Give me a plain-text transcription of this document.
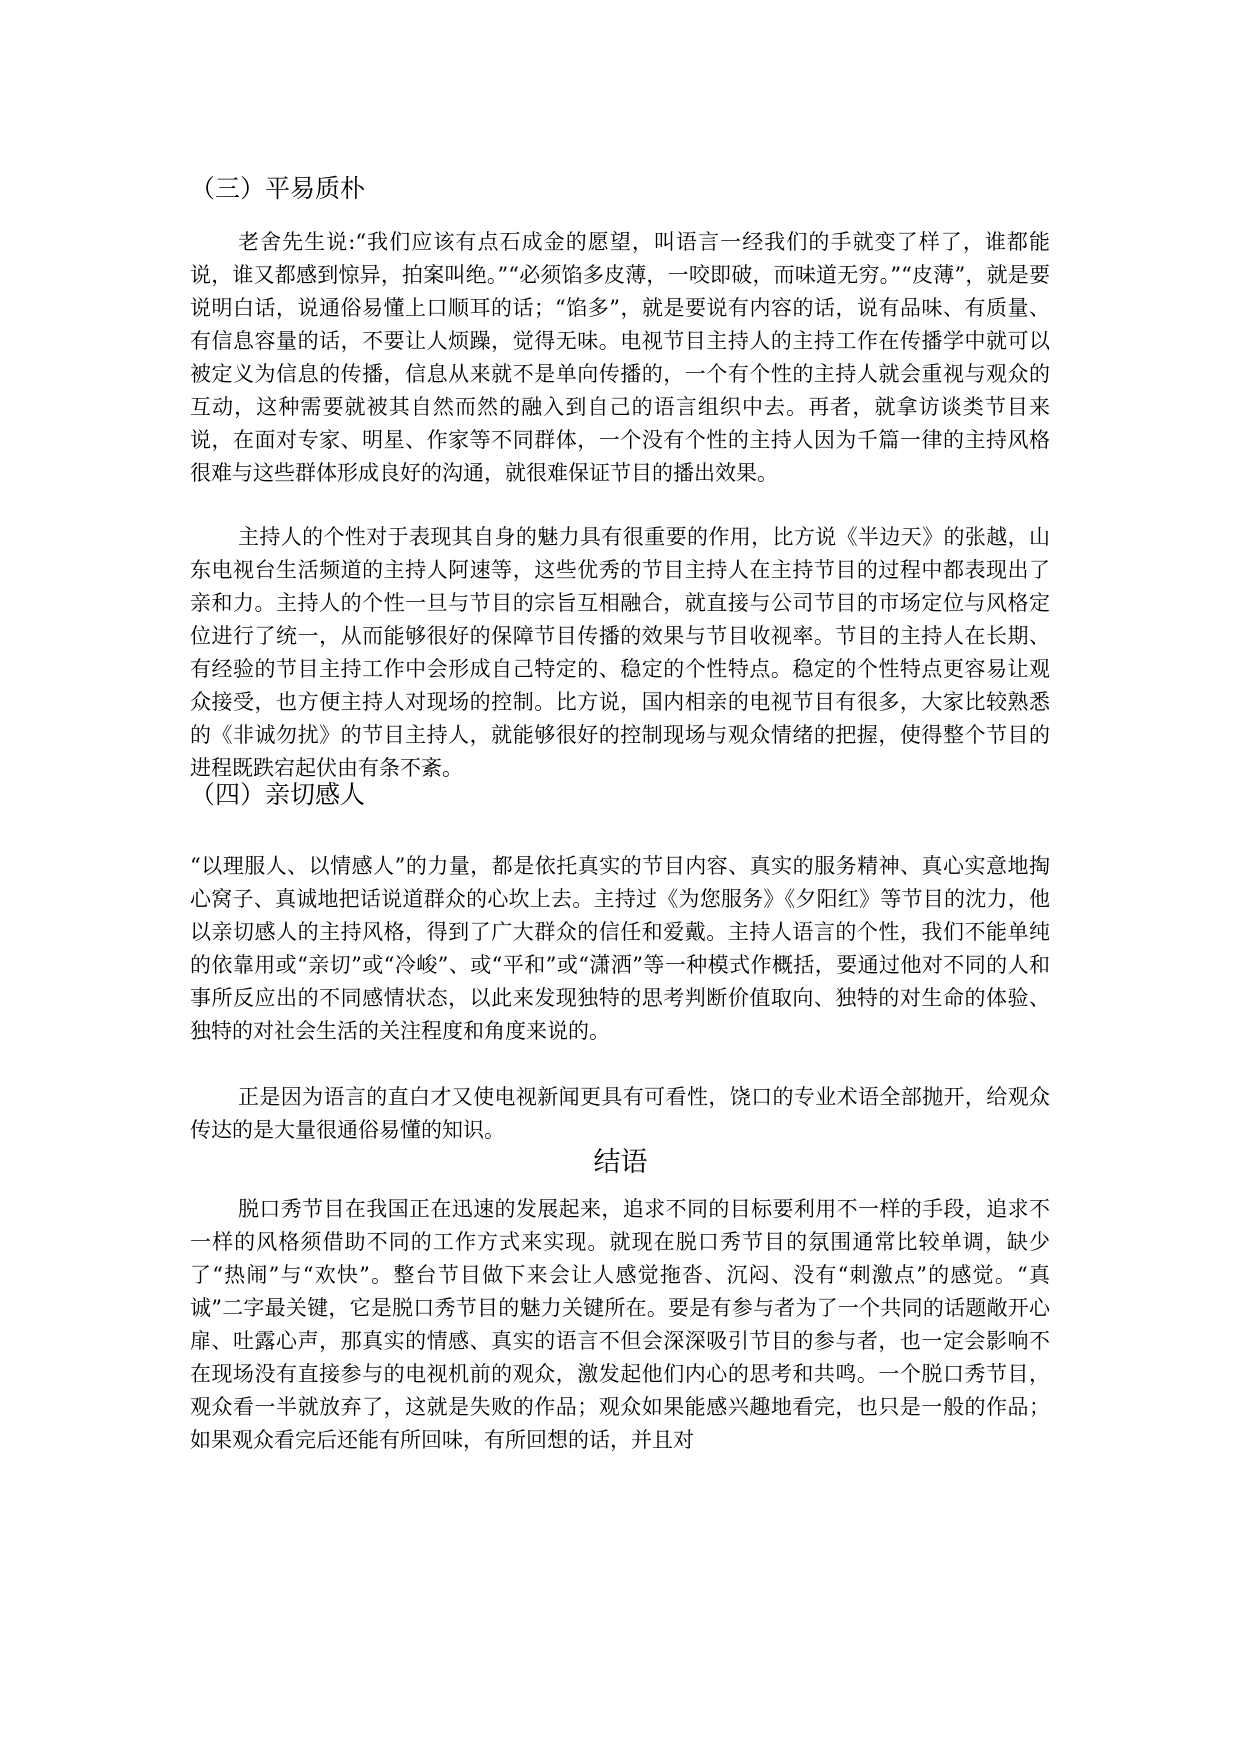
（三）平易质朴
老舍先生说:“我们应该有点石成金的愿望，叫语言一经我们的手就变了样了，谁都能说，谁又都感到惊异，拍案叫绝。”“必须馅多皮薄，一咬即破，而味道无穷。”“皮薄”，就是要说明白话，说通俗易懂上口顺耳的话；“馅多”，就是要说有内容的话，说有品味、有质量、有信息容量的话，不要让人烦躁，觉得无味。电视节目主持人的主持工作在传播学中就可以被定义为信息的传播，信息从来就不是单向传播的，一个有个性的主持人就会重视与观众的互动，这种需要就被其自然而然的融入到自己的语言组织中去。再者，就拿访谈类节目来说，在面对专家、明星、作家等不同群体，一个没有个性的主持人因为千篇一律的主持风格很难与这些群体形成良好的沟通，就很难保证节目的播出效果。
主持人的个性对于表现其自身的魅力具有很重要的作用，比方说《半边天》的张越，山东电视台生活频道的主持人阿速等，这些优秀的节目主持人在主持节目的过程中都表现出了亲和力。主持人的个性一旦与节目的宗旨互相融合，就直接与公司节目的市场定位与风格定位进行了统一，从而能够很好的保障节目传播的效果与节目收视率。节目的主持人在长期、有经验的节目主持工作中会形成自己特定的、稳定的个性特点。稳定的个性特点更容易让观众接受，也方便主持人对现场的控制。比方说，国内相亲的电视节目有很多，大家比较熟悉的《非诚勿扰》的节目主持人，就能够很好的控制现场与观众情绪的把握，使得整个节目的进程既跌宕起伏由有条不紊。
（四）亲切感人
“以理服人、以情感人”的力量，都是依托真实的节目内容、真实的服务精神、真心实意地掏心窝子、真诚地把话说道群众的心坎上去。主持过《为您服务》《夕阳红》等节目的沈力，他以亲切感人的主持风格，得到了广大群众的信任和爱戴。主持人语言的个性，我们不能单纯的依靠用或“亲切”或“冷峻”、或“平和”或“潇洒”等一种模式作概括，要通过他对不同的人和事所反应出的不同感情状态，以此来发现独特的思考判断价值取向、独特的对生命的体验、独特的对社会生活的关注程度和角度来说的。
正是因为语言的直白才又使电视新闻更具有可看性，饶口的专业术语全部抛开，给观众传达的是大量很通俗易懂的知识。
结语
脱口秀节目在我国正在迅速的发展起来，追求不同的目标要利用不一样的手段，追求不一样的风格须借助不同的工作方式来实现。就现在脱口秀节目的氛围通常比较单调，缺少了“热闹”与“欢快”。整台节目做下来会让人感觉拖沓、沉闷、没有“刺激点”的感觉。“真诚”二字最关键，它是脱口秀节目的魅力关键所在。要是有参与者为了一个共同的话题敞开心扉、吐露心声，那真实的情感、真实的语言不但会深深吸引节目的参与者，也一定会影响不在现场没有直接参与的电视机前的观众，激发起他们内心的思考和共鸣。一个脱口秀节目，观众看一半就放弃了，这就是失败的作品；观众如果能感兴趣地看完，也只是一般的作品；如果观众看完后还能有所回味，有所回想的话，并且对
